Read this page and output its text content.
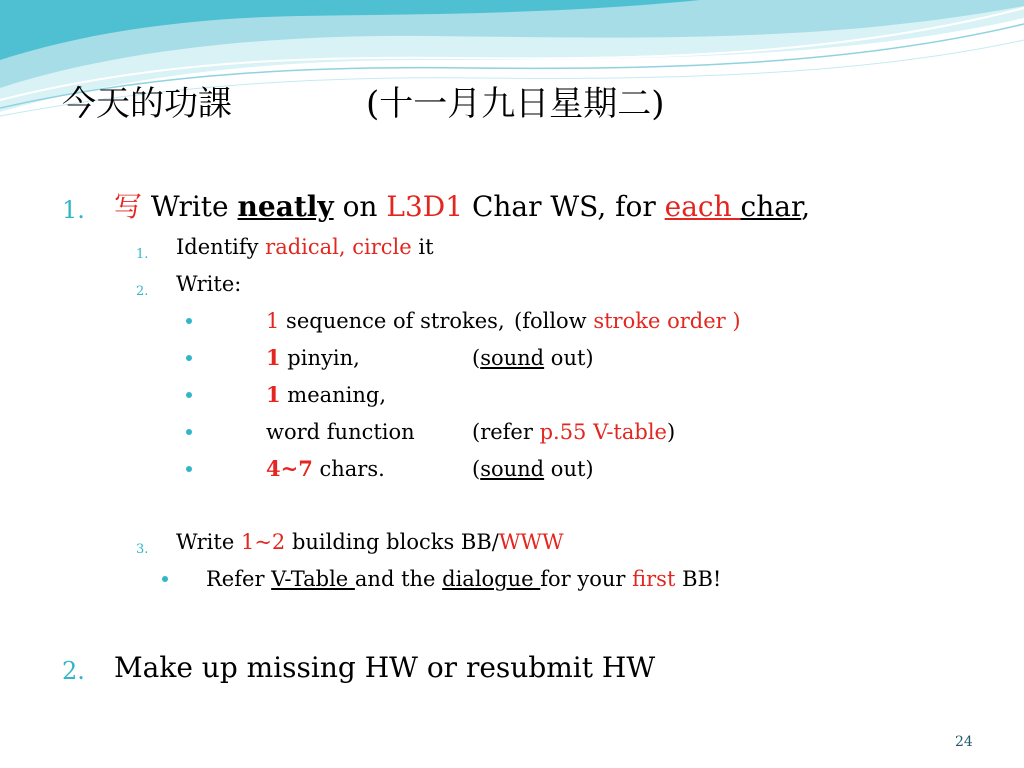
今天的功課	(十一月九日星期二)

1.

写 Write neatly on L3D1 Char WS, for each char,

1.

Identify radical, circle it

2.

Write:

1 sequence of strokes,

(follow stroke order )

1 pinyin,

	(sound out)

1 meaning,

word function

	(refer p.55 V-table)

4~7 chars.

	(sound out)

3.

Write 1~2 building blocks BB/WWW

Refer V-Table and the dialogue for your first BB!

2.

Make up missing HW or resubmit HW

24
